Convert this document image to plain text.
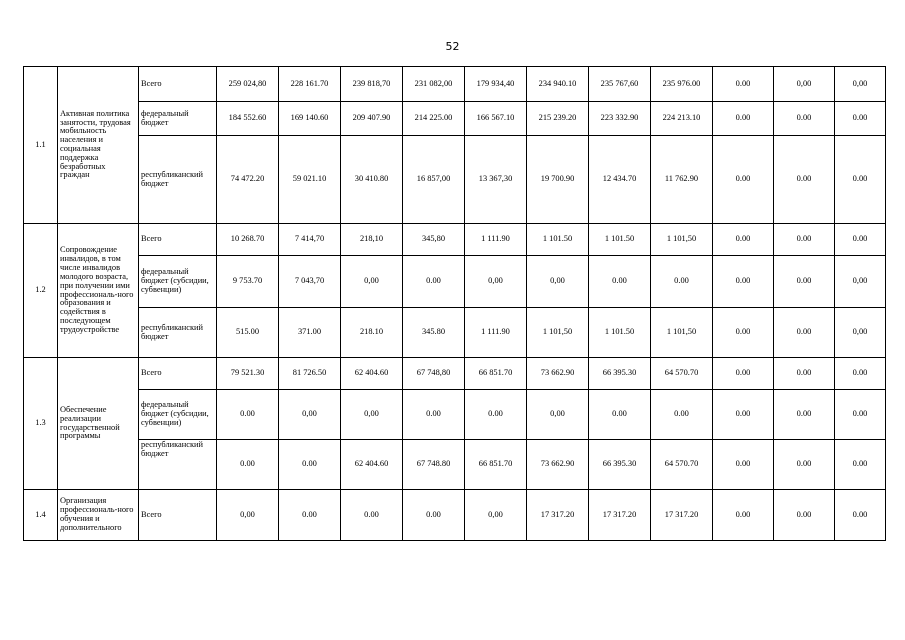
52
1.1	Активная политика занятости, трудовая мобильность населения и социальная поддержка безработных граждан	Всего	259 024,80	228 161.70	239 818,70	231 082,00	179 934,40	234 940.10	235 767,60	235 976.00	0.00	0,00	0,00
		федеральный бюджет	184 552.60	169 140.60	209 407.90	214 225.00	166 567.10	215 239.20	223 332.90	224 213.10	0.00	0.00	0.00
		республиканский бюджет	74 472.20	59 021.10	30 410.80	16 857,00	13 367,30	19 700.90	12 434.70	11 762.90	0.00	0.00	0.00
1.2	Сопровождение инвалидов, в том числе инвалидов молодого возраста, при получении ими профессиональ-ного образования и содействия в последующем трудоустройстве	Всего	10 268.70	7 414,70	218,10	345,80	1 111.90	1 101.50	1 101.50	1 101,50	0.00	0.00	0.00
		федеральный бюджет (субсидии, субвенции)	9 753.70	7 043,70	0,00	0.00	0,00	0,00	0.00	0.00	0.00	0.00	0,00
		республиканский бюджет	515.00	371.00	218.10	345.80	1 111.90	1 101,50	1 101.50	1 101,50	0.00	0.00	0,00
1.3	Обеспечение реализации государственной программы	Всего	79 521.30	81 726.50	62 404.60	67 748,80	66 851.70	73 662.90	66 395.30	64 570.70	0.00	0.00	0.00
		федеральный бюджет (субсидии, субвенции)	0.00	0,00	0,00	0.00	0.00	0,00	0.00	0.00	0.00	0.00	0.00
		республиканский бюджет	0.00	0.00	62 404.60	67 748.80	66 851.70	73 662.90	66 395.30	64 570.70	0.00	0.00	0.00
1.4	Организация профессиональ-ного обучения и дополнительного	Всего	0,00	0.00	0.00	0.00	0,00	17 317.20	17 317.20	17 317.20	0.00	0.00	0.00
